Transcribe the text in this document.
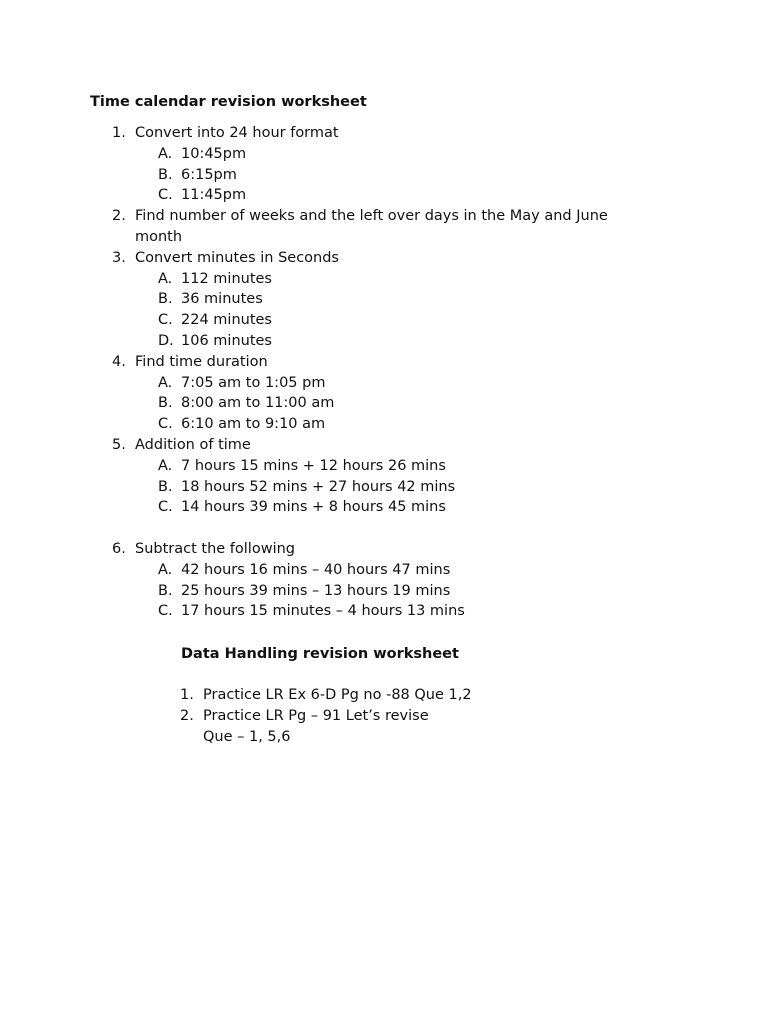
Time calendar revision worksheet
1. Convert into 24 hour format
A. 10:45pm
B. 6:15pm
C. 11:45pm
2. Find number of weeks and the left over days in the May and June month
3. Convert minutes in Seconds
A. 112 minutes
B. 36 minutes
C. 224 minutes
D. 106 minutes
4. Find time duration
A. 7:05 am to 1:05 pm
B. 8:00 am to 11:00 am
C. 6:10 am to 9:10 am
5. Addition of time
A. 7 hours 15 mins + 12 hours 26 mins
B. 18 hours 52 mins + 27 hours 42 mins
C. 14 hours 39 mins + 8 hours 45 mins
6. Subtract the following
A. 42 hours 16 mins – 40 hours 47 mins
B. 25 hours 39 mins – 13 hours 19 mins
C. 17 hours 15 minutes – 4 hours 13 mins
Data Handling revision worksheet
1. Practice LR Ex 6-D Pg no -88 Que 1,2
2. Practice LR Pg – 91 Let’s revise
Que – 1, 5,6
